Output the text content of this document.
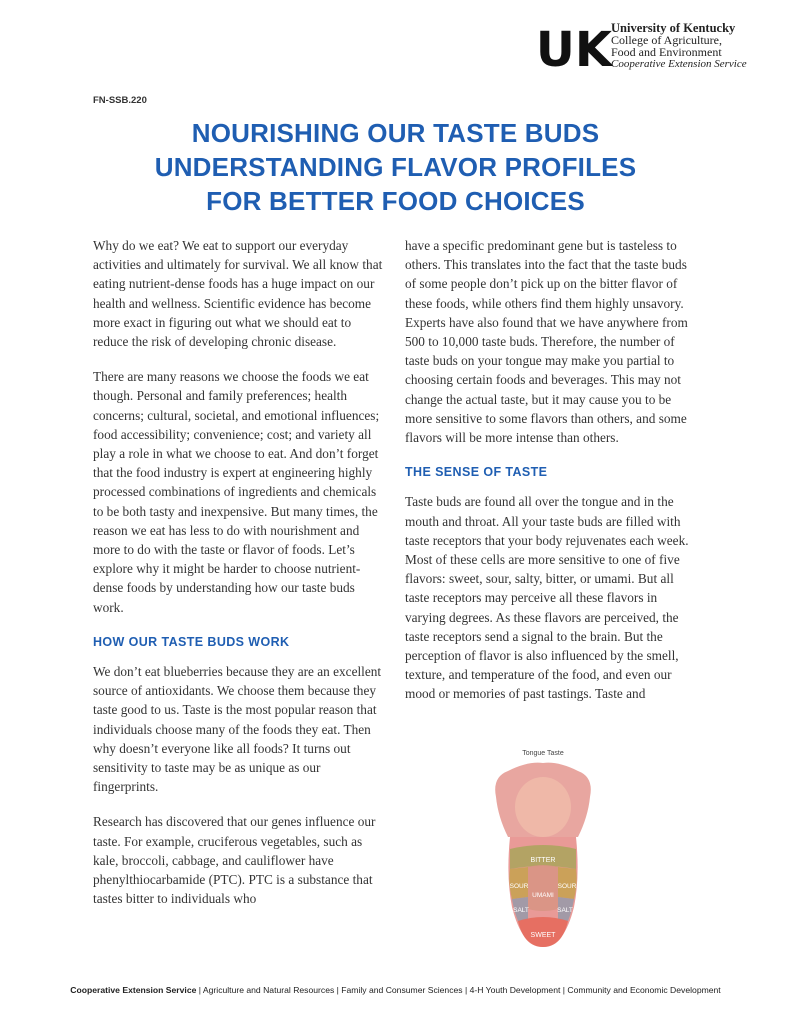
UK
University of Kentucky
College of Agriculture,
Food and Environment
Cooperative Extension Service
FN-SSB.220
NOURISHING OUR TASTE BUDS
UNDERSTANDING FLAVOR PROFILES
FOR BETTER FOOD CHOICES

Why do we eat? We eat to support our everyday activities and ultimately for survival. We all know that eating nutrient-dense foods has a huge impact on our health and wellness. Scientific evidence has become more exact in figuring out what we should eat to reduce the risk of developing chronic disease.

There are many reasons we choose the foods we eat though. Personal and family preferences; health concerns; cultural, societal, and emotional influences; food accessibility; convenience; cost; and variety all play a role in what we choose to eat. And don’t forget that the food industry is expert at engineering highly processed combinations of ingredients and chemicals to be both tasty and inexpensive. But many times, the reason we eat has less to do with nourishment and more to do with the taste or flavor of foods. Let’s explore why it might be harder to choose nutrient-dense foods by understanding how our taste buds work.

HOW OUR TASTE BUDS WORK

We don’t eat blueberries because they are an excellent source of antioxidants. We choose them because they taste good to us. Taste is the most popular reason that individuals choose many of the foods they eat. Then why doesn’t everyone like all foods? It turns out sensitivity to taste may be as unique as our fingerprints.

Research has discovered that our genes influence our taste. For example, cruciferous vegetables, such as kale, broccoli, cabbage, and cauliflower have phenylthiocarbamide (PTC). PTC is a substance that tastes bitter to individuals who

have a specific predominant gene but is tasteless to others. This translates into the fact that the taste buds of some people don’t pick up on the bitter flavor of these foods, while others find them highly unsavory. Experts have also found that we have anywhere from 500 to 10,000 taste buds. Therefore, the number of taste buds on your tongue may make you partial to choosing certain foods and beverages. This may not change the actual taste, but it may cause you to be more sensitive to some flavors than others, and some flavors will be more intense than others.

THE SENSE OF TASTE

Taste buds are found all over the tongue and in the mouth and throat. All your taste buds are filled with taste receptors that your body rejuvenates each week. Most of these cells are more sensitive to one of five flavors: sweet, sour, salty, bitter, or umami. But all taste receptors may perceive all these flavors in varying degrees. As these flavors are perceived, the taste receptors send a signal to the brain. But the perception of flavor is also influenced by the smell, texture, and temperature of the food, and even our mood or memories of past tastings. Taste and

Tongue Taste
BITTER
SOUR	SOUR
UMAMI
SALT	SALT
SWEET
Cooperative Extension Service | Agriculture and Natural Resources | Family and Consumer Sciences | 4-H Youth Development | Community and Economic Development
